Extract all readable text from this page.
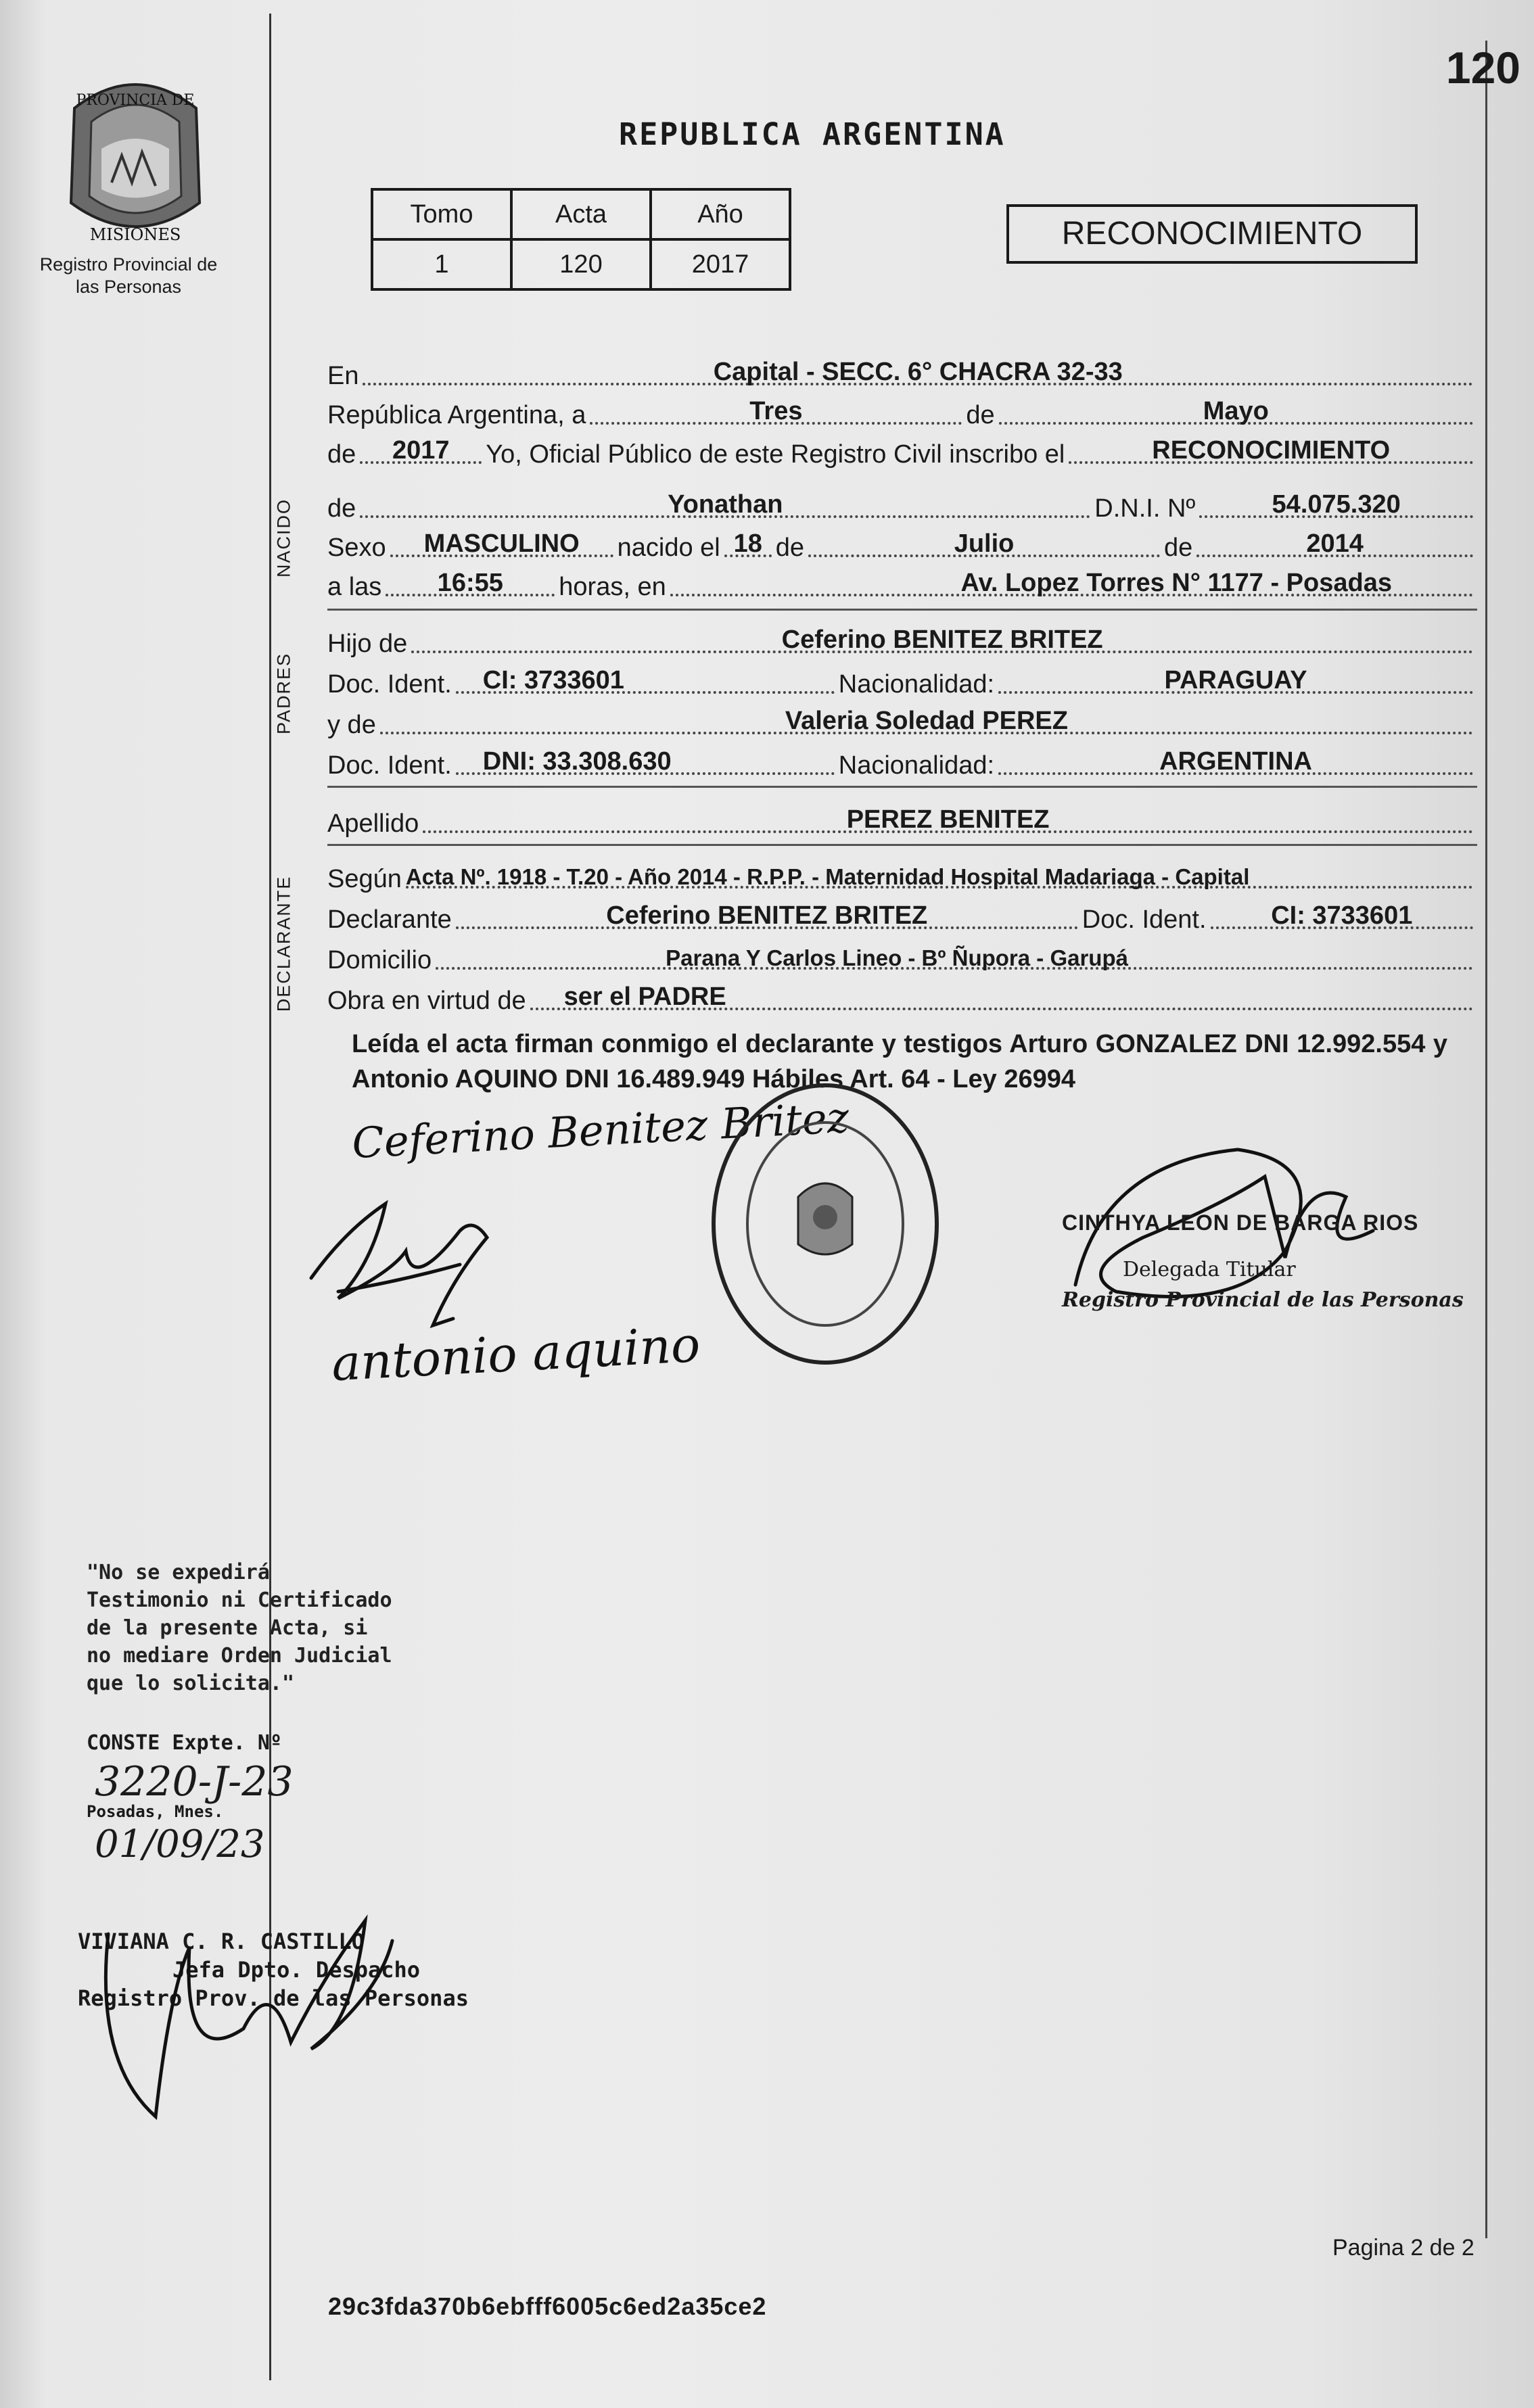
PROVINCIA DE
MISIONES
Registro Provincial de las Personas
120
REPUBLICA ARGENTINA
Tomo	Acta	Año
1	120	2017
RECONOCIMIENTO
NACIDO
PADRES
DECLARANTE
En	Capital - SECC. 6° CHACRA 32-33
República Argentina, a	Tres	de	Mayo
de 2017 Yo, Oficial Público de este Registro Civil inscribo el	RECONOCIMIENTO
de	Yonathan	D.N.I. Nº	54.075.320
Sexo MASCULINO nacido el 18 de	Julio	de	2014
a las 16:55 horas, en	Av. Lopez Torres N° 1177 - Posadas
Hijo de	Ceferino BENITEZ BRITEZ
Doc. Ident. CI: 3733601	Nacionalidad:	PARAGUAY
y de	Valeria Soledad PEREZ
Doc. Ident. DNI: 33.308.630	Nacionalidad:	ARGENTINA
Apellido	PEREZ BENITEZ
Según Acta Nº. 1918 - T.20 - Año 2014 - R.P.P. - Maternidad Hospital Madariaga - Capital
Declarante	Ceferino BENITEZ BRITEZ	Doc. Ident.	CI: 3733601
Domicilio	Parana Y Carlos Lineo - Bº Ñupora - Garupá
Obra en virtud de ser el PADRE
Leída el acta firman conmigo el declarante y testigos Arturo GONZALEZ DNI 12.992.554 y Antonio AQUINO DNI 16.489.949 Hábiles Art. 64 - Ley 26994
Ceferino Benitez Britez
antonio aquino
CINTHYA LEON DE BARGA RIOS
Delegada Titular
Registro Provincial de las Personas
"No se expedirá Testimonio ni Certificado de la presente Acta, si no mediare Orden Judicial que lo solicita."
CONSTE Expte. Nº
3220-J-23
Posadas, Mnes.
01/09/23
VIVIANA C. R. CASTILLO
Jefa Dpto. Despacho
Registro Prov. de las Personas
Pagina 2 de 2
29c3fda370b6ebfff6005c6ed2a35ce2
